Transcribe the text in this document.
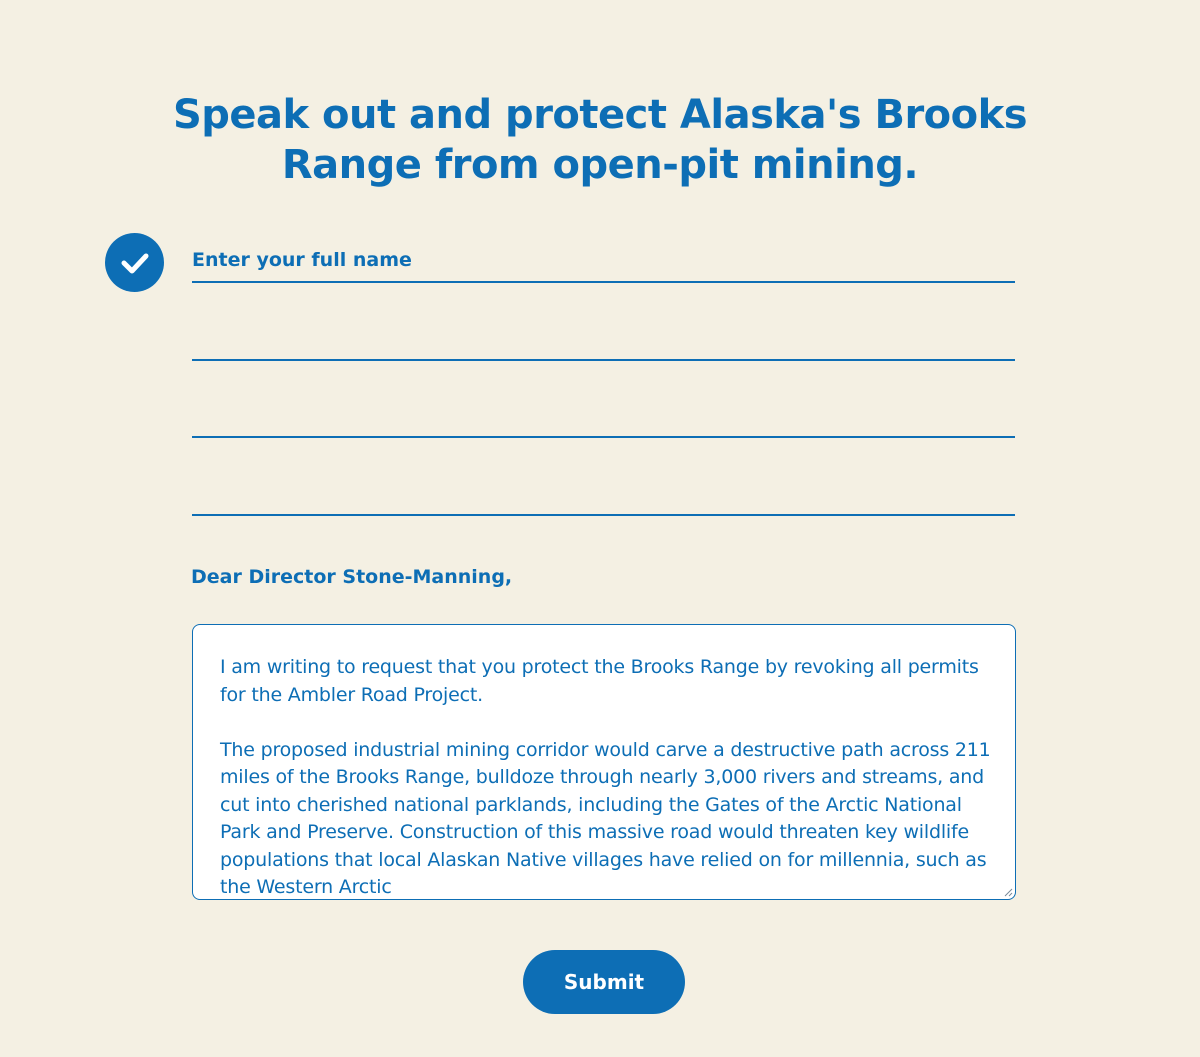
Speak out and protect Alaska's Brooks Range from open-pit mining.
Enter your full name

Dear Director Stone-Manning,

I am writing to request that you protect the Brooks Range by revoking all permits for the Ambler Road Project.

The proposed industrial mining corridor would carve a destructive path across 211 miles of the Brooks Range, bulldoze through nearly 3,000 rivers and streams, and cut into cherished national parklands, including the Gates of the Arctic National Park and Preserve. Construction of this massive road would threaten key wildlife populations that local Alaskan Native villages have relied on for millennia, such as the Western Arctic

Submit
